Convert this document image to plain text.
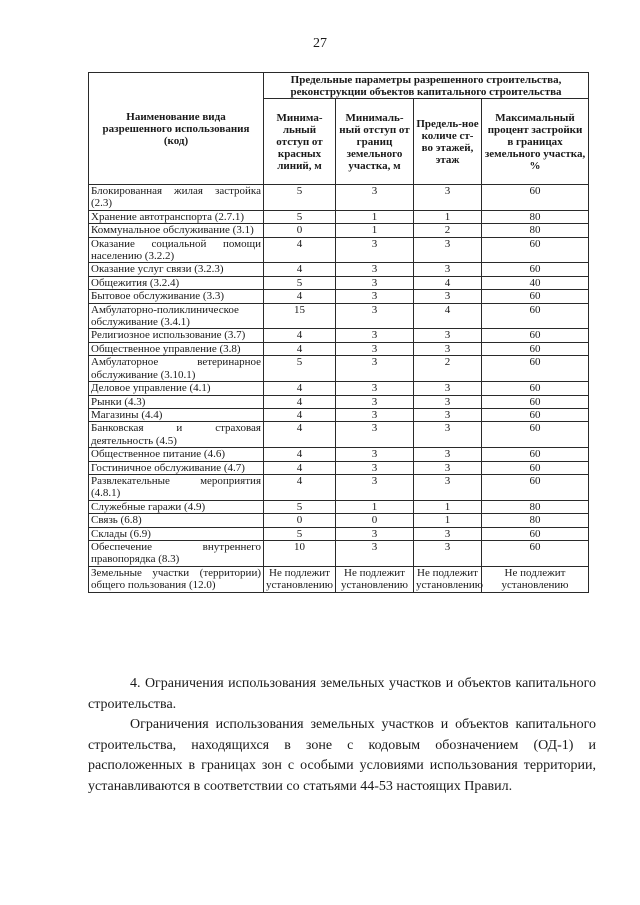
27
Наименование вида разрешенного использования (код)	Предельные параметры разрешенного строительства, реконструкции объектов капитального строительства			
	Минима-льный отступ от красных линий, м	Минималь-ный отступ от границ земельного участка, м	Предель-ное количе ст-во этажей, этаж	Максимальный процент застройки в границах земельного участка, %
Блокированная жилая застройка (2.3)	5	3	3	60
Хранение автотранспорта (2.7.1)	5	1	1	80
Коммунальное обслуживание (3.1)	0	1	2	80
Оказание социальной помощи населению (3.2.2)	4	3	3	60
Оказание услуг связи (3.2.3)	4	3	3	60
Общежития (3.2.4)	5	3	4	40
Бытовое обслуживание (3.3)	4	3	3	60
Амбулаторно-поликлиническое обслуживание (3.4.1)	15	3	4	60
Религиозное использование (3.7)	4	3	3	60
Общественное управление (3.8)	4	3	3	60
Амбулаторное ветеринарное обслуживание (3.10.1)	5	3	2	60
Деловое управление (4.1)	4	3	3	60
Рынки (4.3)	4	3	3	60
Магазины (4.4)	4	3	3	60
Банковская и страховая деятельность (4.5)	4	3	3	60
Общественное питание (4.6)	4	3	3	60
Гостиничное обслуживание (4.7)	4	3	3	60
Развлекательные мероприятия (4.8.1)	4	3	3	60
Служебные гаражи (4.9)	5	1	1	80
Связь (6.8)	0	0	1	80
Склады (6.9)	5	3	3	60
Обеспечение внутреннего правопорядка (8.3)	10	3	3	60
Земельные участки (территории) общего пользования (12.0)	Не подлежит установлению	Не подлежит установлению	Не подлежит установлению	Не подлежит установлению

4. Ограничения использования земельных участков и объектов капитального строительства.

Ограничения использования земельных участков и объектов капитального строительства, находящихся в зоне с кодовым обозначением (ОД-1) и расположенных в границах зон с особыми условиями использования территории, устанавливаются в соответствии со статьями 44-53 настоящих Правил.
